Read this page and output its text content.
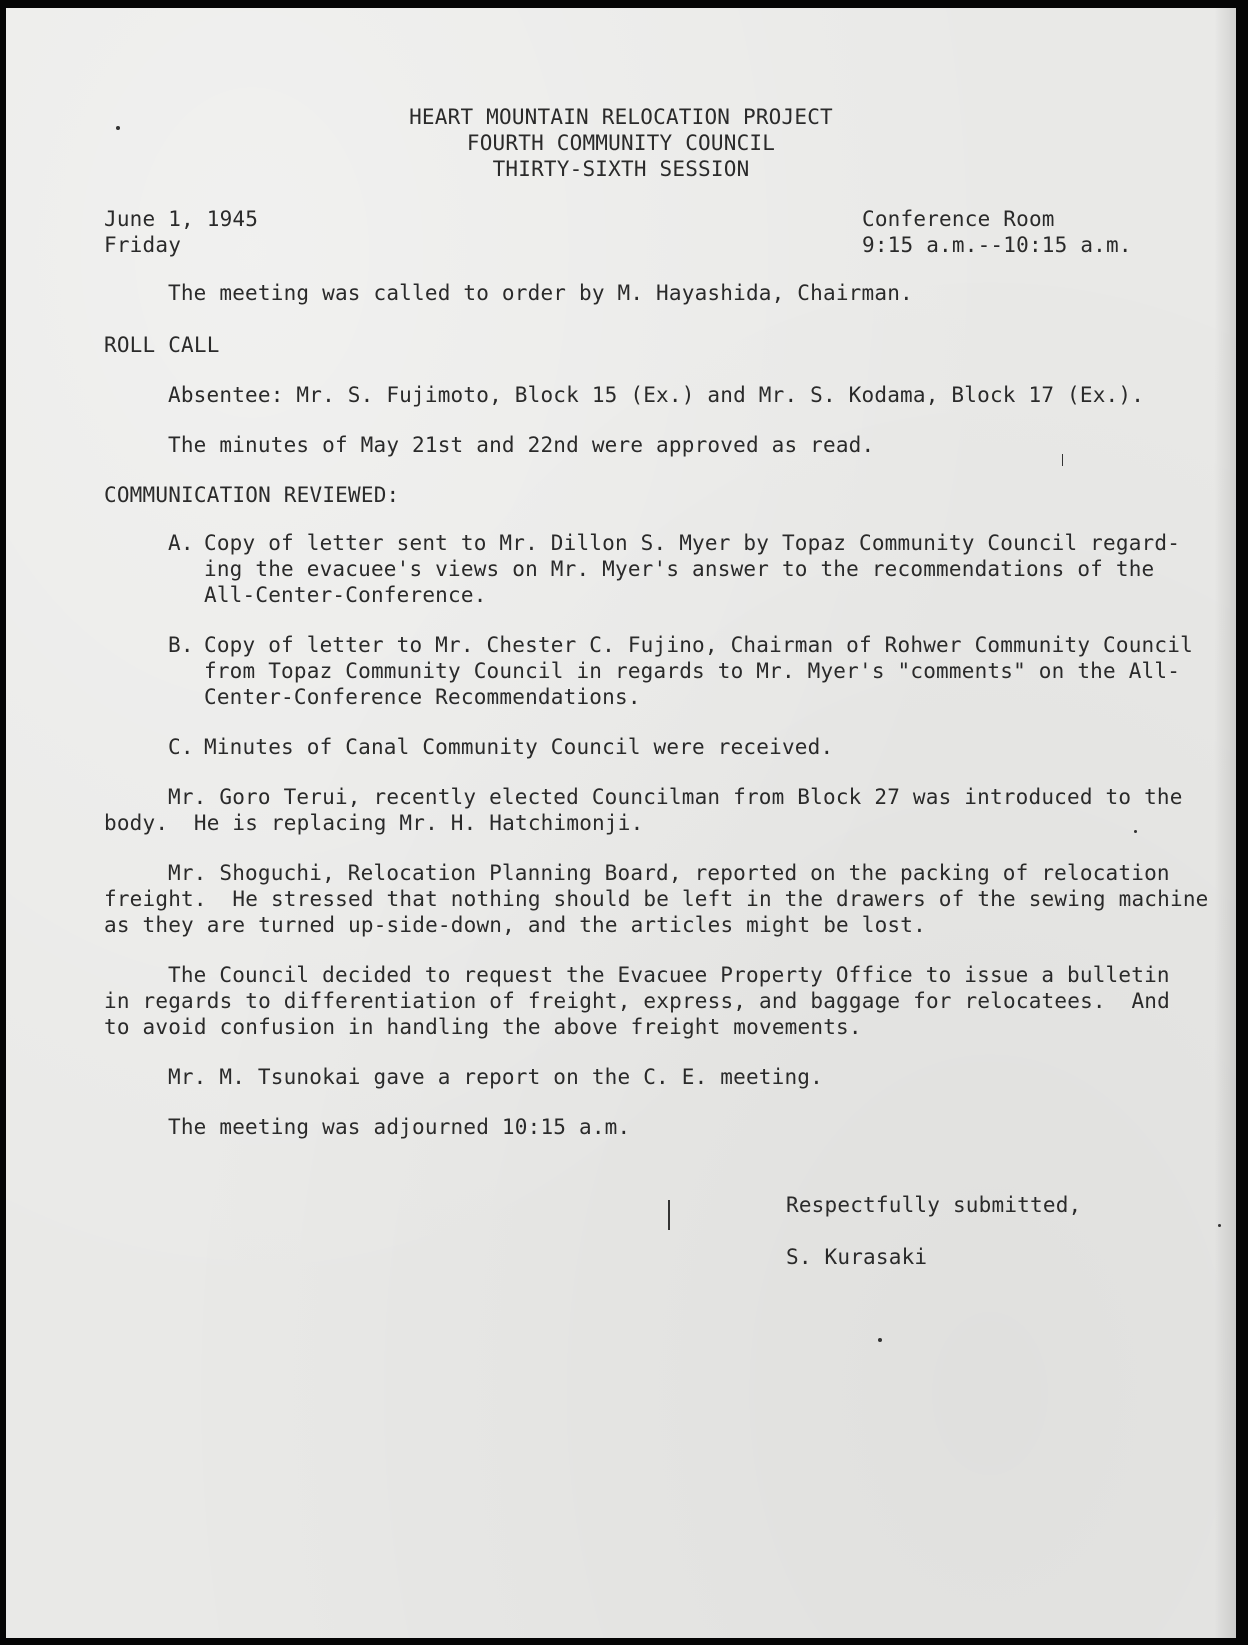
HEART MOUNTAIN RELOCATION PROJECT
FOURTH COMMUNITY COUNCIL
THIRTY-SIXTH SESSION
June 1, 1945
Friday
Conference Room
9:15 a.m.--10:15 a.m.
The meeting was called to order by M. Hayashida, Chairman.
ROLL CALL
Absentee: Mr. S. Fujimoto, Block 15 (Ex.) and Mr. S. Kodama, Block 17 (Ex.).
The minutes of May 21st and 22nd were approved as read.
COMMUNICATION REVIEWED:
A. Copy of letter sent to Mr. Dillon S. Myer by Topaz Community Council regard-
ing the evacuee's views on Mr. Myer's answer to the recommendations of the
All-Center-Conference.
B. Copy of letter to Mr. Chester C. Fujino, Chairman of Rohwer Community Council
from Topaz Community Council in regards to Mr. Myer's "comments" on the All-
Center-Conference Recommendations.
C. Minutes of Canal Community Council were received.
Mr. Goro Terui, recently elected Councilman from Block 27 was introduced to the
body.  He is replacing Mr. H. Hatchimonji.
Mr. Shoguchi, Relocation Planning Board, reported on the packing of relocation
freight.  He stressed that nothing should be left in the drawers of the sewing machine
as they are turned up-side-down, and the articles might be lost.
The Council decided to request the Evacuee Property Office to issue a bulletin
in regards to differentiation of freight, express, and baggage for relocatees.  And
to avoid confusion in handling the above freight movements.
Mr. M. Tsunokai gave a report on the C. E. meeting.
The meeting was adjourned 10:15 a.m.
Respectfully submitted,
S. Kurasaki
